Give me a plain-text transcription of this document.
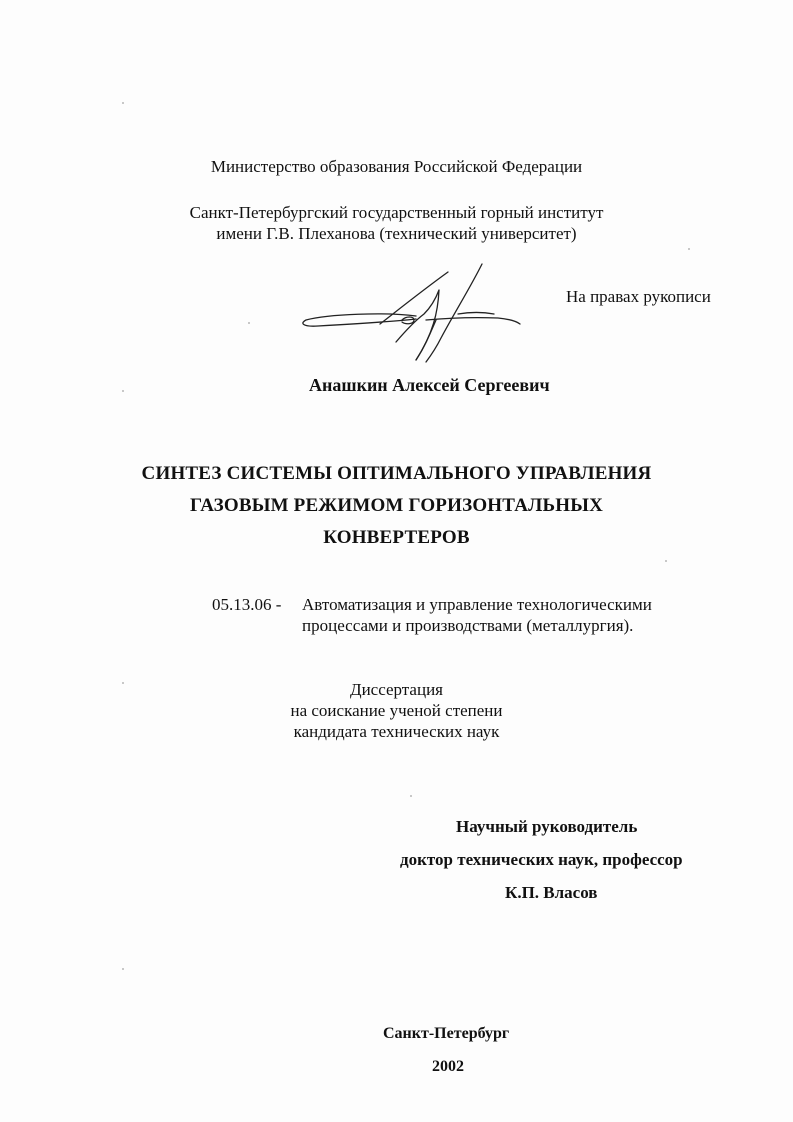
Министерство образования Российской Федерации
Санкт-Петербургский государственный горный институт
имени Г.В. Плеханова (технический университет)
На правах рукописи
Анашкин Алексей Сергеевич
СИНТЕЗ СИСТЕМЫ ОПТИМАЛЬНОГО УПРАВЛЕНИЯ
ГАЗОВЫМ РЕЖИМОМ ГОРИЗОНТАЛЬНЫХ
КОНВЕРТЕРОВ
05.13.06 - Автоматизация и управление технологическими
процессами и производствами (металлургия).
Диссертация
на соискание ученой степени
кандидата технических наук
Научный руководитель
доктор технических наук, профессор
К.П. Власов
Санкт-Петербург
2002
